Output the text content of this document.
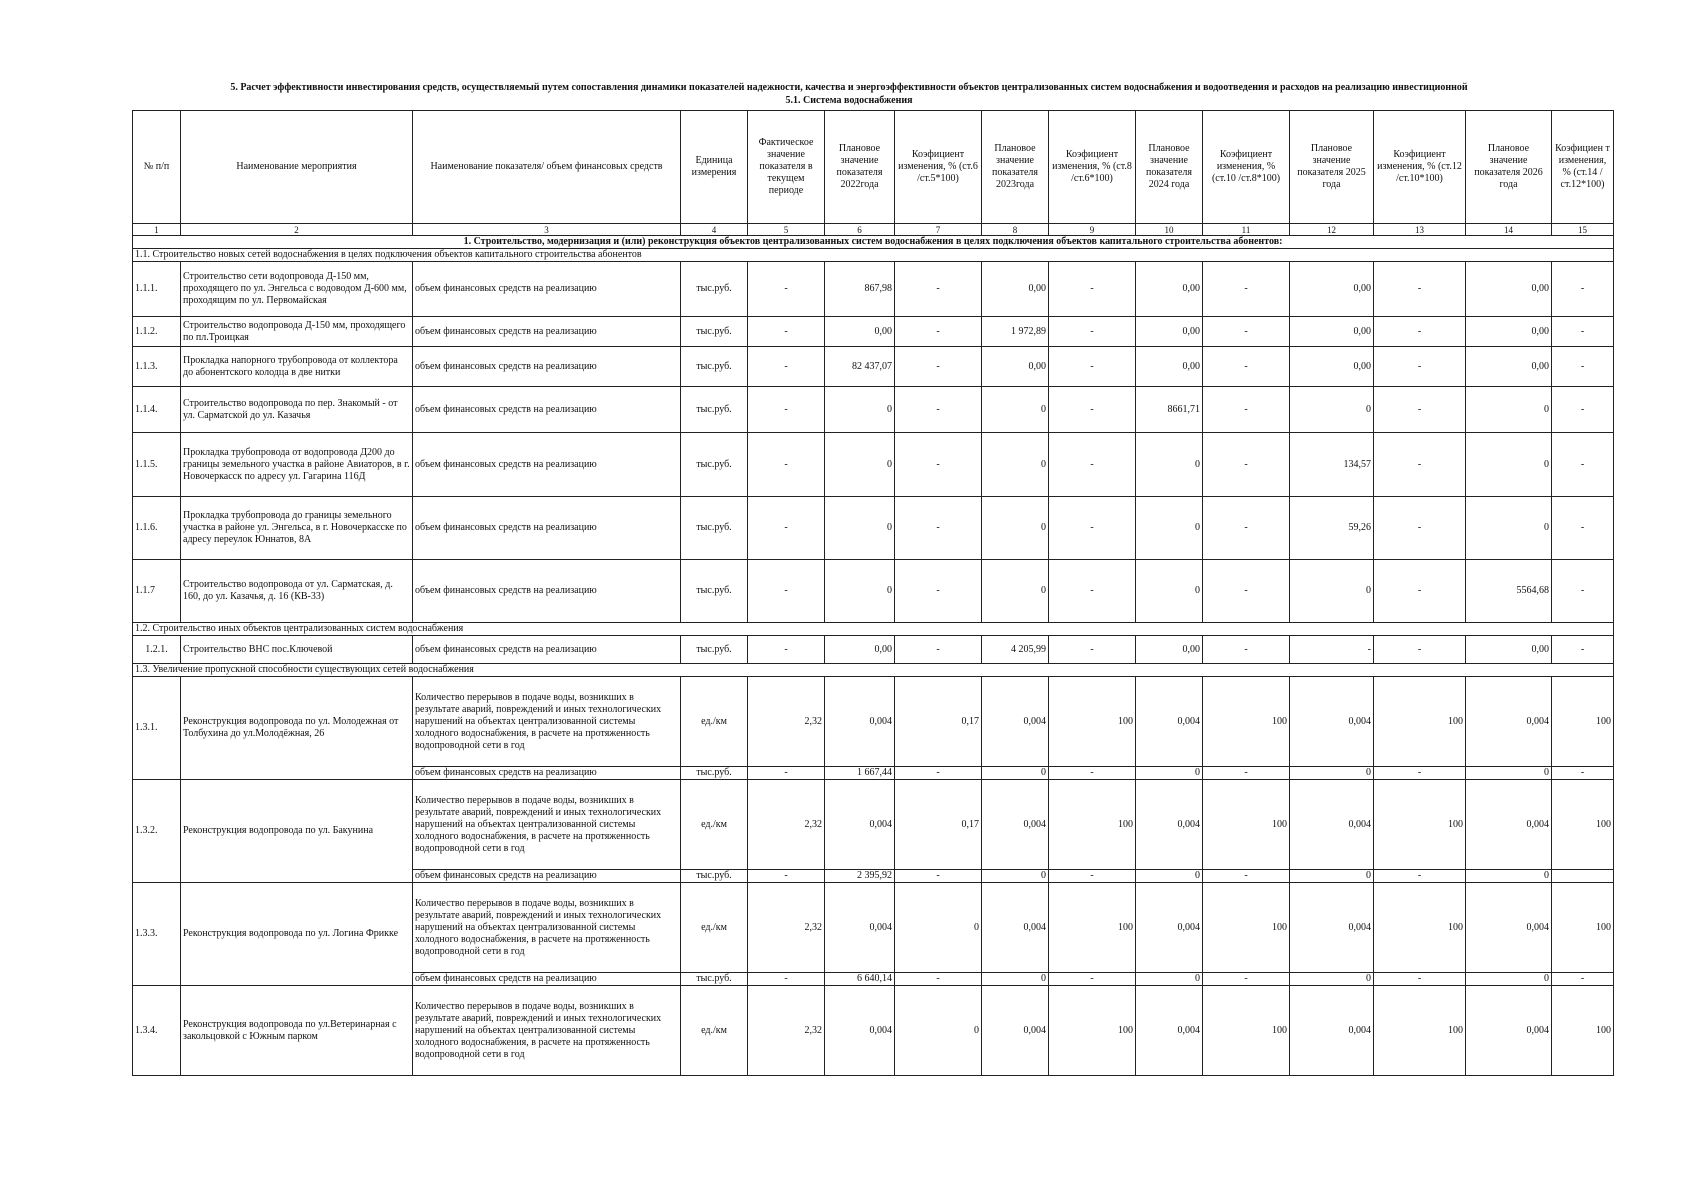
5. Расчет эффективности инвестирования средств, осуществляемый путем сопоставления динамики показателей надежности, качества и энергоэффективности объектов централизованных систем водоснабжения и водоотведения и расходов на реализацию инвестиционной
5.1. Система водоснабжения
№ п/п	Наименование мероприятия	Наименование показателя/ объем финансовых средств	Единица измерения	Фактическое значение показателя в текущем периоде	Плановое значение показателя 2022года	Коэфициент изменения, % (ст.6 /ст.5*100)	Плановое значение показателя 2023года	Коэфициент изменения, % (ст.8 /ст.6*100)	Плановое значение показателя 2024 года	Коэфициент изменения, % (ст.10 /ст.8*100)	Плановое значение показателя 2025 года	Коэфициент изменения, % (ст.12 /ст.10*100)	Плановое значение показателя 2026 года	Коэфициен т изменения, % (ст.14 /ст.12*100)
1	2	3	4	5	6	7	8	9	10	11	12	13	14	15
1. Строительство, модернизация и (или) реконструкция объектов централизованных систем водоснабжения в целях подключения объектов капитального строительства абонентов:														
1.1. Строительство новых сетей водоснабжения в целях подключения объектов капитального строительства абонентов														
1.1.1.	Строительство сети водопровода Д-150 мм, проходящего по ул. Энгельса с водоводом Д-600 мм, проходящим по ул. Первомайская	объем финансовых средств на реализацию	тыс.руб.	-	867,98	-	0,00	-	0,00	-	0,00	-	0,00	-
1.1.2.	Строительство водопровода Д-150 мм, проходящего по пл.Троицкая	объем финансовых средств на реализацию	тыс.руб.	-	0,00	-	1 972,89	-	0,00	-	0,00	-	0,00	-
1.1.3.	Прокладка напорного трубопровода от коллектора до абонентского колодца в две нитки	объем финансовых средств на реализацию	тыс.руб.	-	82 437,07	-	0,00	-	0,00	-	0,00	-	0,00	-
1.1.4.	Строительство водопровода по пер. Знакомый - от ул. Сарматской до ул. Казачья	объем финансовых средств на реализацию	тыс.руб.	-	0	-	0	-	8661,71	-	0	-	0	-
1.1.5.	Прокладка трубопровода от водопровода Д200 до границы земельного участка в районе Авиаторов, в г. Новочеркасск по адресу ул. Гагарина 116Д	объем финансовых средств на реализацию	тыс.руб.	-	0	-	0	-	0	-	134,57	-	0	-
1.1.6.	Прокладка трубопровода до границы земельного участка в районе ул. Энгельса, в г. Новочеркасске по адресу переулок Юннатов, 8А	объем финансовых средств на реализацию	тыс.руб.	-	0	-	0	-	0	-	59,26	-	0	-
1.1.7	Строительство водопровода от ул. Сарматская, д. 160, до ул. Казачья, д. 16 (КВ-33)	объем финансовых средств на реализацию	тыс.руб.	-	0	-	0	-	0	-	0	-	5564,68	-
1.2. Строительство иных объектов централизованных систем водоснабжения														
1.2.1.	Строительство ВНС пос.Ключевой	объем финансовых средств на реализацию	тыс.руб.	-	0,00	-	4 205,99	-	0,00	-	-	-	0,00	-
1.3. Увеличение пропускной способности существующих сетей водоснабжения														
1.3.1.	Реконструкция водопровода по ул. Молодежная от Толбухина до ул.Молодёжная, 26	Количество перерывов в подаче воды, возникших в результате аварий, повреждений и иных технологических нарушений на объектах централизованной системы холодного водоснабжения, в расчете на протяженность водопроводной сети в год	ед./км	2,32	0,004	0,17	0,004	100	0,004	100	0,004	100	0,004	100
		объем финансовых средств на реализацию	тыс.руб.	-	1 667,44	-	0	-	0	-	0	-	0	-
1.3.2.	Реконструкция водопровода по ул. Бакунина	Количество перерывов в подаче воды, возникших в результате аварий, повреждений и иных технологических нарушений на объектах централизованной системы холодного водоснабжения, в расчете на протяженность водопроводной сети в год	ед./км	2,32	0,004	0,17	0,004	100	0,004	100	0,004	100	0,004	100
		объем финансовых средств на реализацию	тыс.руб.	-	2 395,92	-	0	-	0	-	0	-	0	
1.3.3.	Реконструкция водопровода по ул. Логина Фрикке	Количество перерывов в подаче воды, возникших в результате аварий, повреждений и иных технологических нарушений на объектах централизованной системы холодного водоснабжения, в расчете на протяженность водопроводной сети в год	ед./км	2,32	0,004	0	0,004	100	0,004	100	0,004	100	0,004	100
		объем финансовых средств на реализацию	тыс.руб.	-	6 640,14	-	0	-	0	-	0	-	0	-
1.3.4.	Реконструкция водопровода по ул.Ветеринарная с закольцовкой с Южным парком	Количество перерывов в подаче воды, возникших в результате аварий, повреждений и иных технологических нарушений на объектах централизованной системы холодного водоснабжения, в расчете на протяженность водопроводной сети в год	ед./км	2,32	0,004	0	0,004	100	0,004	100	0,004	100	0,004	100
